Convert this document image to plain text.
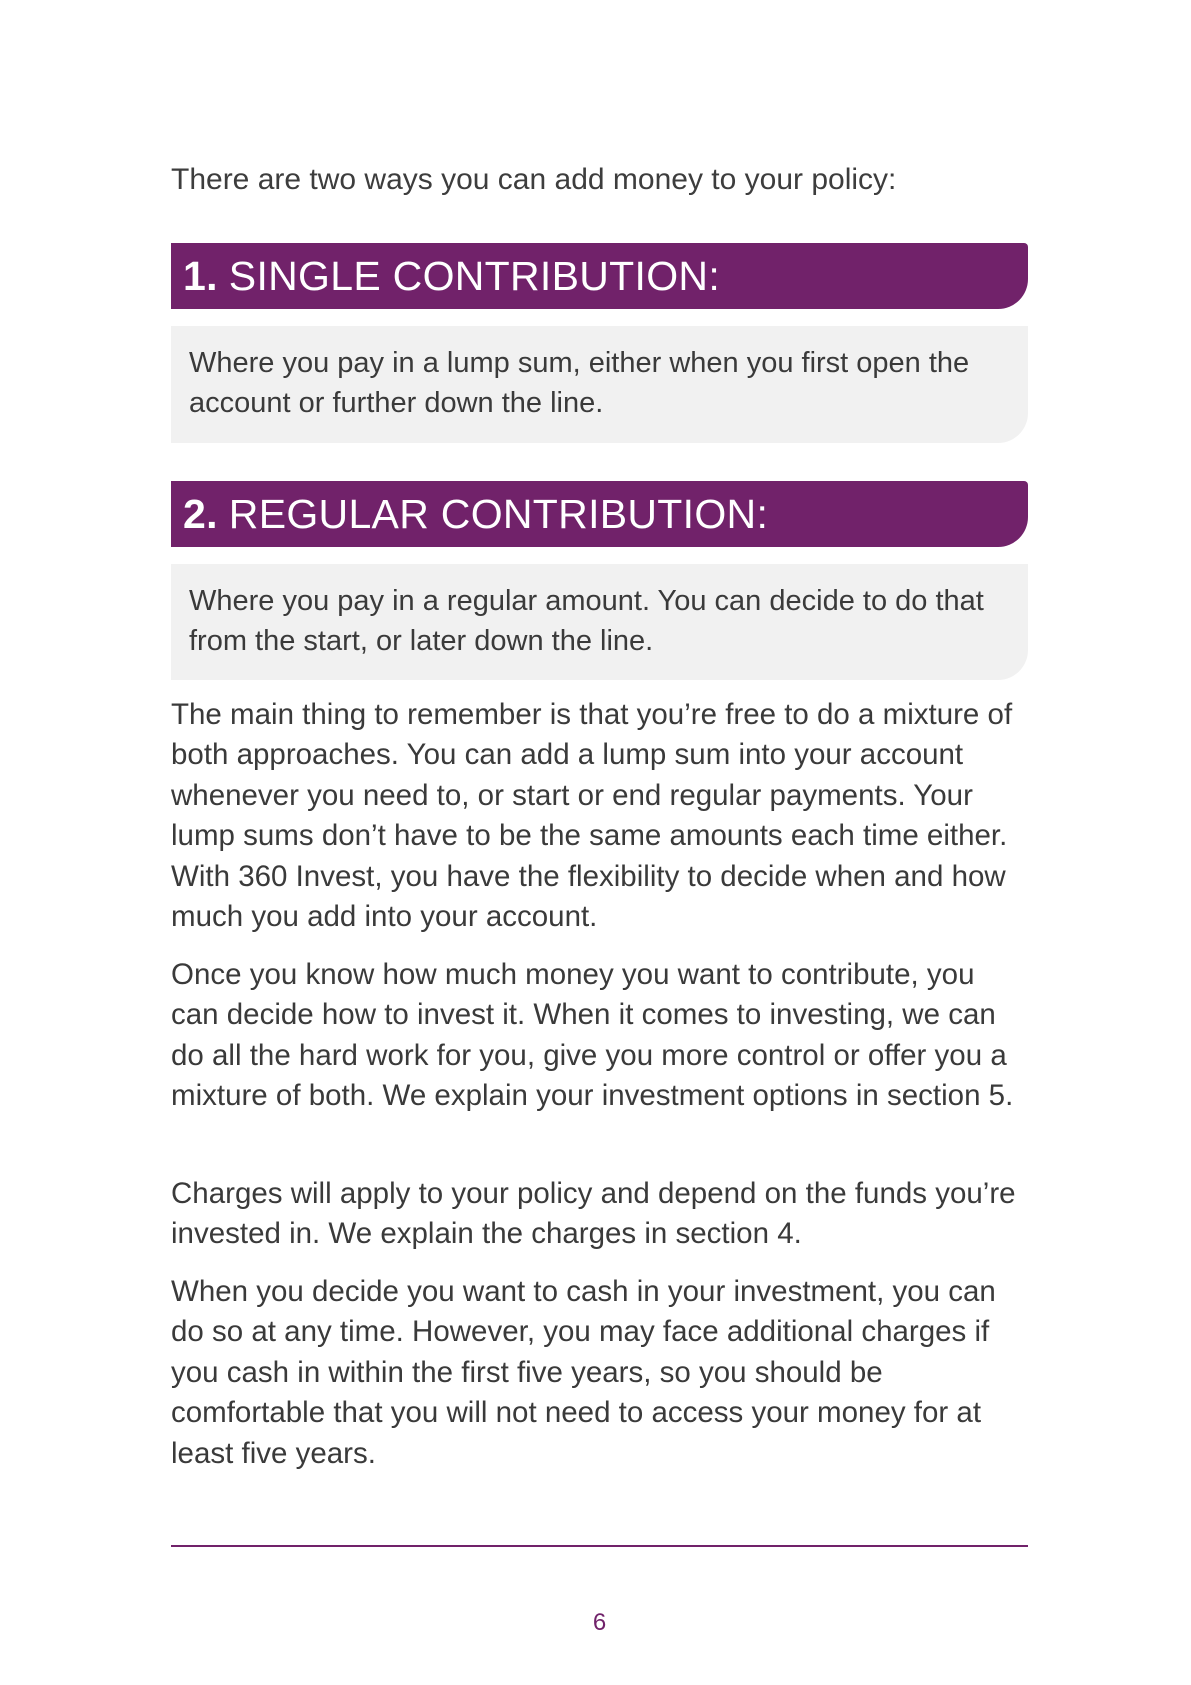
There are two ways you can add money to your policy:

1. SINGLE CONTRIBUTION:
Where you pay in a lump sum, either when you first open the account or further down the line.
2. REGULAR CONTRIBUTION:
Where you pay in a regular amount. You can decide to do that from the start, or later down the line.

The main thing to remember is that you’re free to do a mixture of both approaches. You can add a lump sum into your account whenever you need to, or start or end regular payments. Your lump sums don’t have to be the same amounts each time either. With 360 Invest, you have the flexibility to decide when and how much you add into your account.

Once you know how much money you want to contribute, you can decide how to invest it. When it comes to investing, we can do all the hard work for you, give you more control or offer you a mixture of both. We explain your investment options in section 5.

Charges will apply to your policy and depend on the funds you’re invested in. We explain the charges in section 4.

When you decide you want to cash in your investment, you can do so at any time. However, you may face additional charges if you cash in within the first five years, so you should be comfortable that you will not need to access your money for at least five years.

6
